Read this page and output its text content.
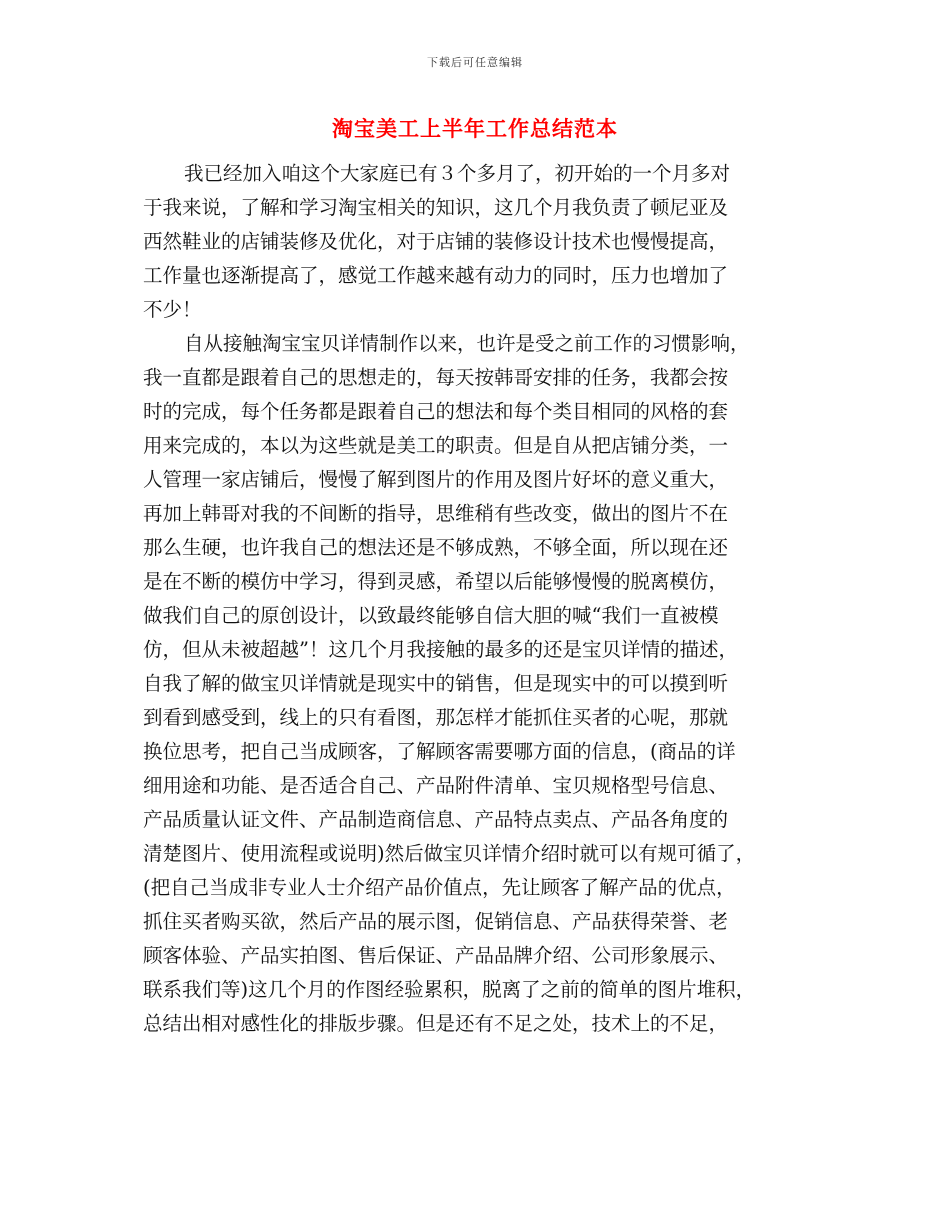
下载后可任意编辑
淘宝美工上半年工作总结范本
我已经加入咱这个大家庭已有３个多月了，初开始的一个月多对
于我来说，了解和学习淘宝相关的知识，这几个月我负责了顿尼亚及
西然鞋业的店铺装修及优化，对于店铺的装修设计技术也慢慢提高，
工作量也逐渐提高了，感觉工作越来越有动力的同时，压力也增加了
不少！
自从接触淘宝宝贝详情制作以来，也许是受之前工作的习惯影响，
我一直都是跟着自己的思想走的，每天按韩哥安排的任务，我都会按
时的完成，每个任务都是跟着自己的想法和每个类目相同的风格的套
用来完成的，本以为这些就是美工的职责。但是自从把店铺分类，一
人管理一家店铺后，慢慢了解到图片的作用及图片好坏的意义重大，
再加上韩哥对我的不间断的指导，思维稍有些改变，做出的图片不在
那么生硬，也许我自己的想法还是不够成熟，不够全面，所以现在还
是在不断的模仿中学习，得到灵感，希望以后能够慢慢的脱离模仿，
做我们自己的原创设计，以致最终能够自信大胆的喊“我们一直被模
仿，但从未被超越”！这几个月我接触的最多的还是宝贝详情的描述，
自我了解的做宝贝详情就是现实中的销售，但是现实中的可以摸到听
到看到感受到，线上的只有看图，那怎样才能抓住买者的心呢，那就
换位思考，把自己当成顾客，了解顾客需要哪方面的信息，(商品的详
细用途和功能、是否适合自己、产品附件清单、宝贝规格型号信息、
产品质量认证文件、产品制造商信息、产品特点卖点、产品各角度的
清楚图片、使用流程或说明)然后做宝贝详情介绍时就可以有规可循了，
(把自己当成非专业人士介绍产品价值点，先让顾客了解产品的优点，
抓住买者购买欲，然后产品的展示图，促销信息、产品获得荣誉、老
顾客体验、产品实拍图、售后保证、产品品牌介绍、公司形象展示、
联系我们等)这几个月的作图经验累积，脱离了之前的简单的图片堆积，
总结出相对感性化的排版步骤。但是还有不足之处，技术上的不足，
